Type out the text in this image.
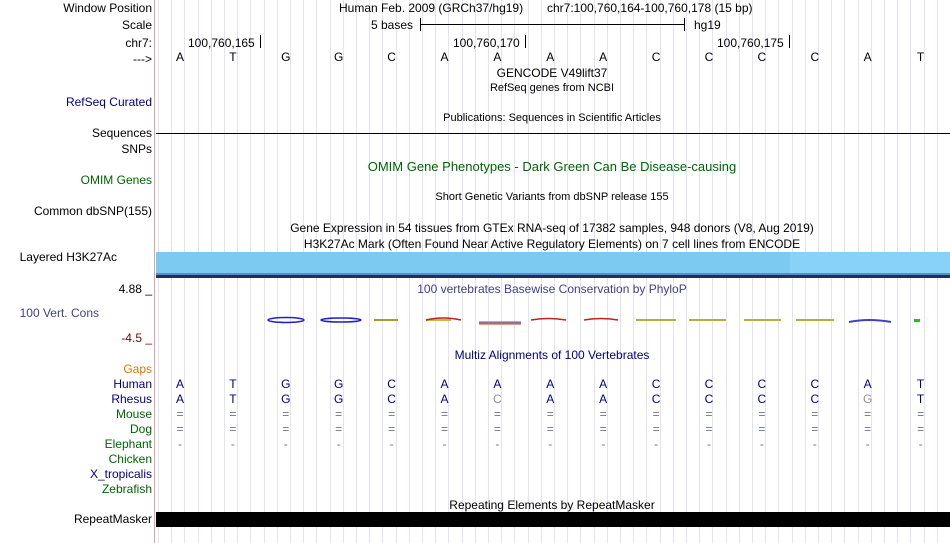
Window Position
Scale
chr7:
--->
RefSeq Curated
Sequences
SNPs
OMIM Genes
Common dbSNP(155)
Layered H3K27Ac
4.88 _
100 Vert. Cons
-4.5 _
Gaps
Human
Rhesus
Mouse
Dog
Elephant
Chicken
X_tropicalis
Zebrafish
RepeatMasker
Human Feb. 2009 (GRCh37/hg19) chr7:100,760,164-100,760,178 (15 bp)
5 bases	hg19
100,760,165	100,760,170	100,760,175
A	T	G	G	C	A	A	A	A	C	C	C	C	A	T
GENCODE V49lift37
RefSeq genes from NCBI
Publications: Sequences in Scientific Articles
OMIM Gene Phenotypes - Dark Green Can Be Disease-causing
Short Genetic Variants from dbSNP release 155
Gene Expression in 54 tissues from GTEx RNA-seq of 17382 samples, 948 donors (V8, Aug 2019)
H3K27Ac Mark (Often Found Near Active Regulatory Elements) on 7 cell lines from ENCODE
100 vertebrates Basewise Conservation by PhyloP
Multiz Alignments of 100 Vertebrates
A	T	G	G	C	A	A	A	A	C	C	C	C	A	T
A	T	G	G	C	A	C	A	A	C	C	C	C	G	T
=	=	=	=	=	=	=	=	=	=	=	=	=	=	=
=	=	=	=	=	=	=	=	=	=	=	=	=	=	=
-	-	-	-	-	-	-	-	-	-	-	-	-	-	-
Repeating Elements by RepeatMasker
